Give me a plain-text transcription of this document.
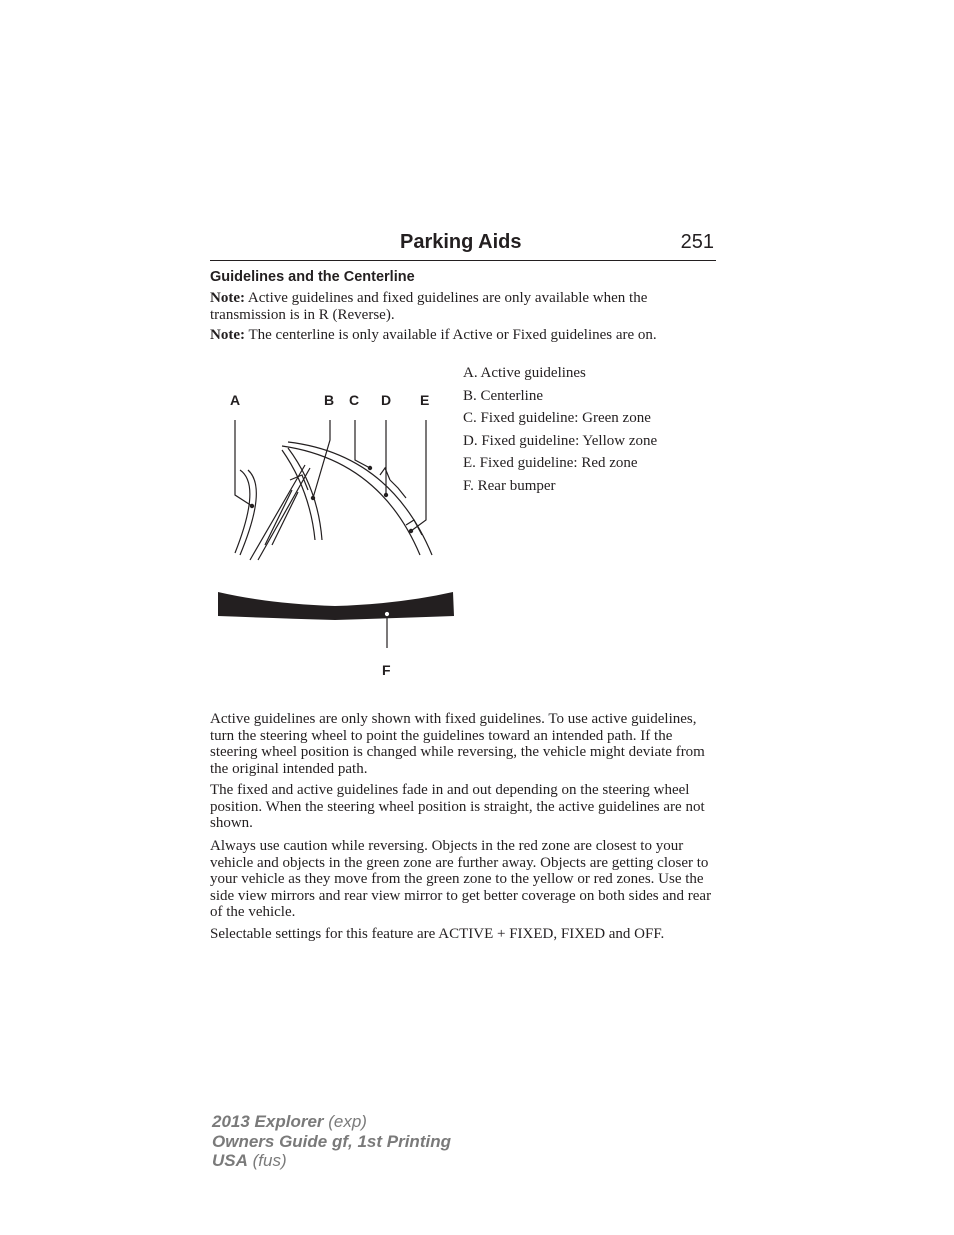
Parking Aids	251
Guidelines and the Centerline

Note: Active guidelines and fixed guidelines are only available when the transmission is in R (Reverse).

Note: The centerline is only available if Active or Fixed guidelines are on.

A	B C D E
F
A. Active guidelines
B. Centerline
C. Fixed guideline: Green zone
D. Fixed guideline: Yellow zone
E. Fixed guideline: Red zone
F. Rear bumper

Active guidelines are only shown with fixed guidelines. To use active guidelines, turn the steering wheel to point the guidelines toward an intended path. If the steering wheel position is changed while reversing, the vehicle might deviate from the original intended path.

The fixed and active guidelines fade in and out depending on the steering wheel position. When the steering wheel position is straight, the active guidelines are not shown.

Always use caution while reversing. Objects in the red zone are closest to your vehicle and objects in the green zone are further away. Objects are getting closer to your vehicle as they move from the green zone to the yellow or red zones. Use the side view mirrors and rear view mirror to get better coverage on both sides and rear of the vehicle.

Selectable settings for this feature are ACTIVE + FIXED, FIXED and OFF.

2013 Explorer (exp)
Owners Guide gf, 1st Printing
USA (fus)
